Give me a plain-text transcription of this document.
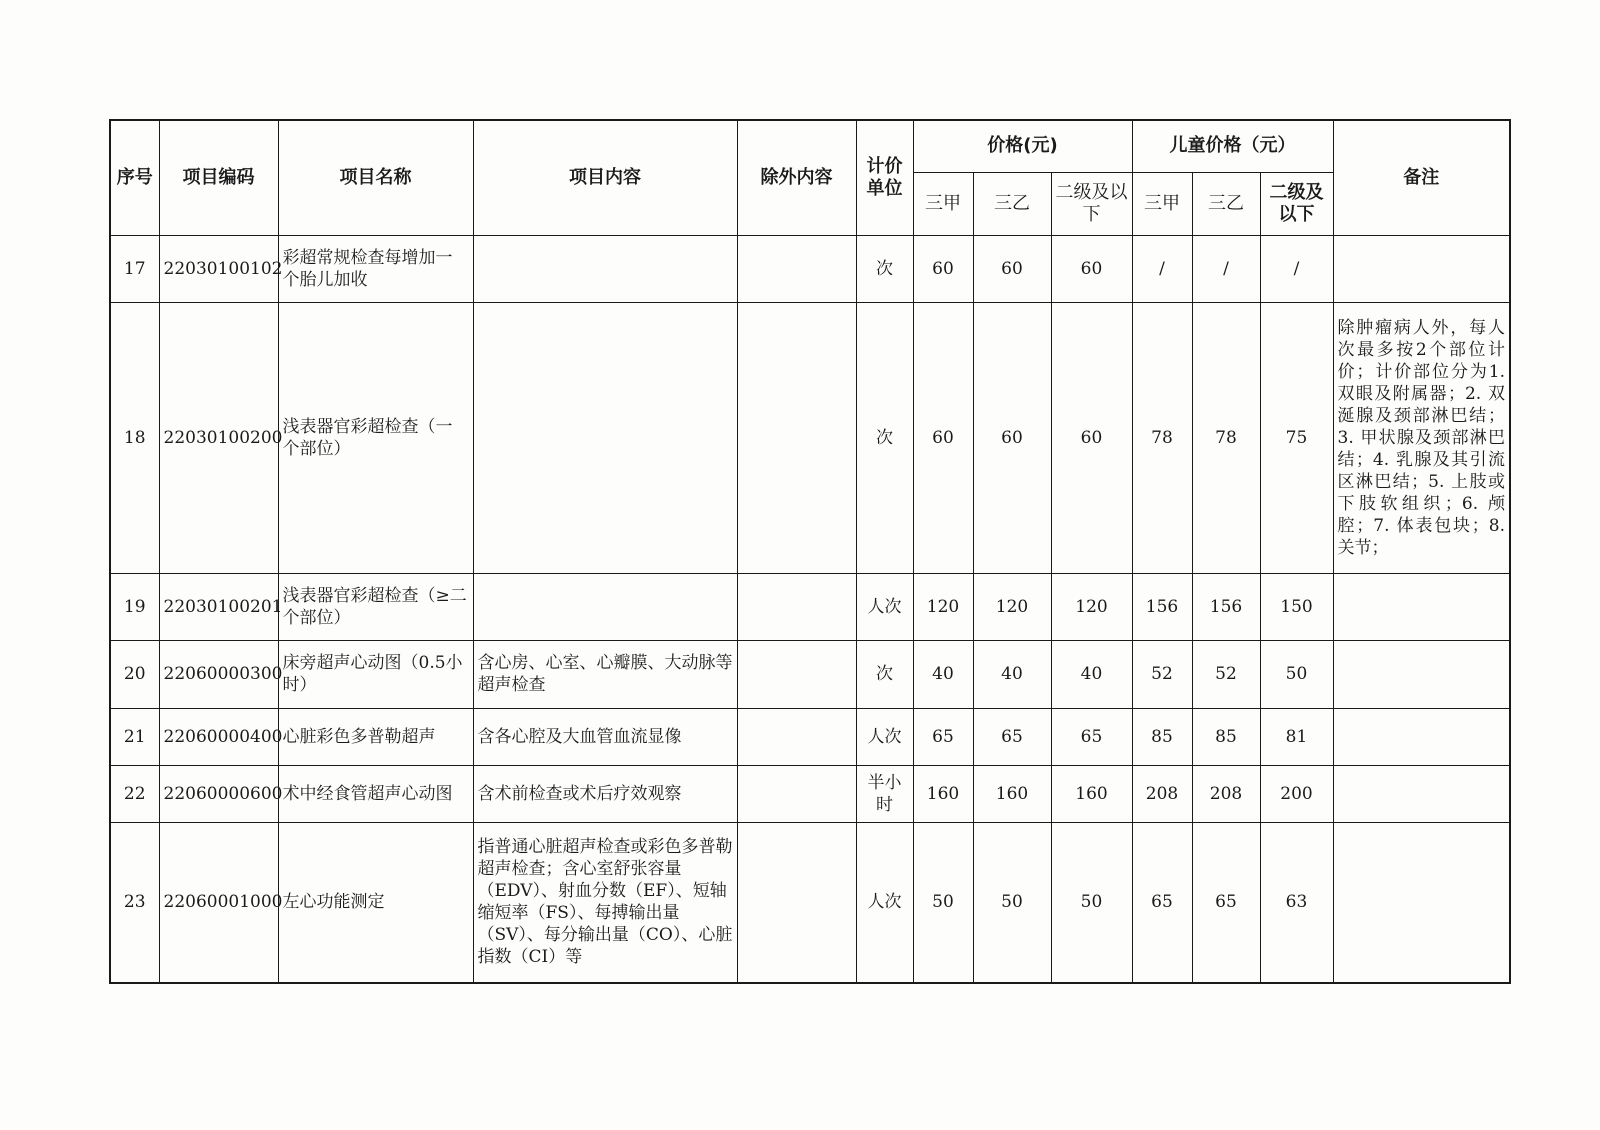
序号	项目编码	项目名称	项目内容	除外内容	计价单位	价格(元)			儿童价格（元）			备注
						三甲	三乙	二级及以下	三甲	三乙	二级及以下	
17	22030100102	彩超常规检查每增加一个胎儿加收			次	60	60	60	/	/	/	
18	22030100200	浅表器官彩超检查（一个部位）			次	60	60	60	78	78	75	除肿瘤病人外，每人次最多按2个部位计价；计价部位分为1. 双眼及附属器；2. 双涎腺及颈部淋巴结；3. 甲状腺及颈部淋巴结；4. 乳腺及其引流区淋巴结；5. 上肢或下肢软组织；6. 颅腔；7. 体表包块；8. 关节；
19	22030100201	浅表器官彩超检查（≥二个部位）			人次	120	120	120	156	156	150	
20	22060000300	床旁超声心动图（0.5小时）	含心房、心室、心瓣膜、大动脉等超声检查		次	40	40	40	52	52	50	
21	22060000400	心脏彩色多普勒超声	含各心腔及大血管血流显像		人次	65	65	65	85	85	81	
22	22060000600	术中经食管超声心动图	含术前检查或术后疗效观察		半小时	160	160	160	208	208	200	
23	22060001000	左心功能测定	指普通心脏超声检查或彩色多普勒超声检查；含心室舒张容量（EDV）、射血分数（EF）、短轴缩短率（FS）、每搏输出量（SV）、每分输出量（CO）、心脏指数（CI）等		人次	50	50	50	65	65	63	
